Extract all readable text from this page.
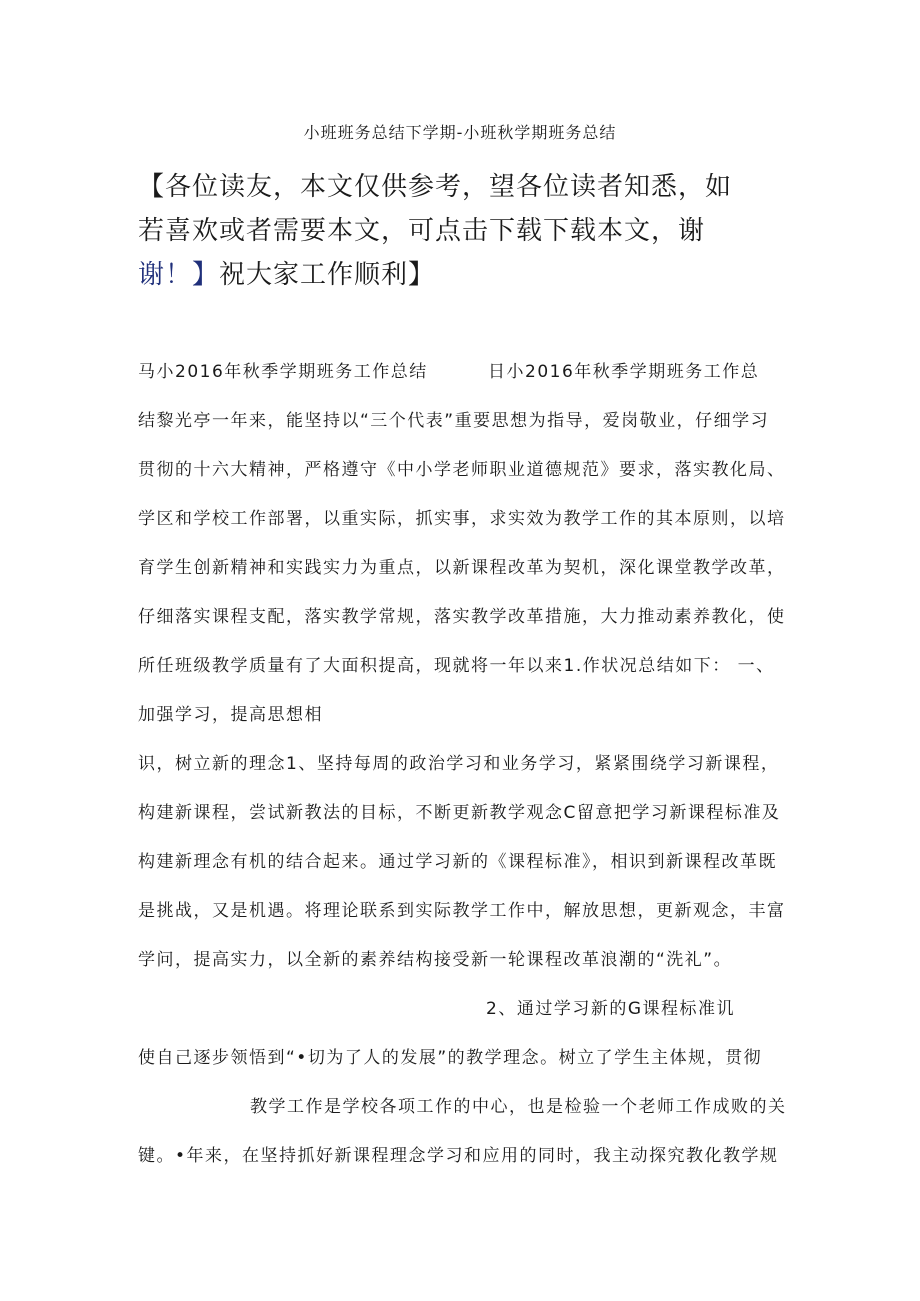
小班班务总结下学期-小班秋学期班务总结
【各位读友，本文仅供参考，望各位读者知悉，如
若喜欢或者需要本文，可点击下载下载本文，谢
谢！】祝大家工作顺利】
马小2016年秋季学期班务工作总结	日小2016年秋季学期班务工作总
结黎光亭一年来，能坚持以“三个代表”重要思想为指导，爱岗敬业，仔细学习
贯彻的十六大精神，严格遵守《中小学老师职业道德规范》要求，落实教化局、
学区和学校工作部署，以重实际，抓实事，求实效为教学工作的其本原则，以培
育学生创新精神和实践实力为重点，以新课程改革为契机，深化课堂教学改革，
仔细落实课程支配，落实教学常规，落实教学改革措施，大力推动素养教化，使
所任班级教学质量有了大面积提高，现就将一年以来1.作状况总结如下： 一、
加强学习，提高思想相
识，树立新的理念1、坚持每周的政治学习和业务学习，紧紧围绕学习新课程，
构建新课程，尝试新教法的目标，不断更新教学观念C留意把学习新课程标准及
构建新理念有机的结合起来。通过学习新的《课程标准》，相识到新课程改革既
是挑战，又是机遇。将理论联系到实际教学工作中，解放思想，更新观念，丰富
学问，提高实力，以全新的素养结构接受新一轮课程改革浪潮的“洗礼”。
2、通过学习新的G课程标准讥
使自己逐步领悟到“•切为了人的发展”的教学理念。树立了学生主体规，贯彻
教学工作是学校各项工作的中心，也是检验一个老师工作成败的关
键。•年来，在坚持抓好新课程理念学习和应用的同时，我主动探究教化教学规
